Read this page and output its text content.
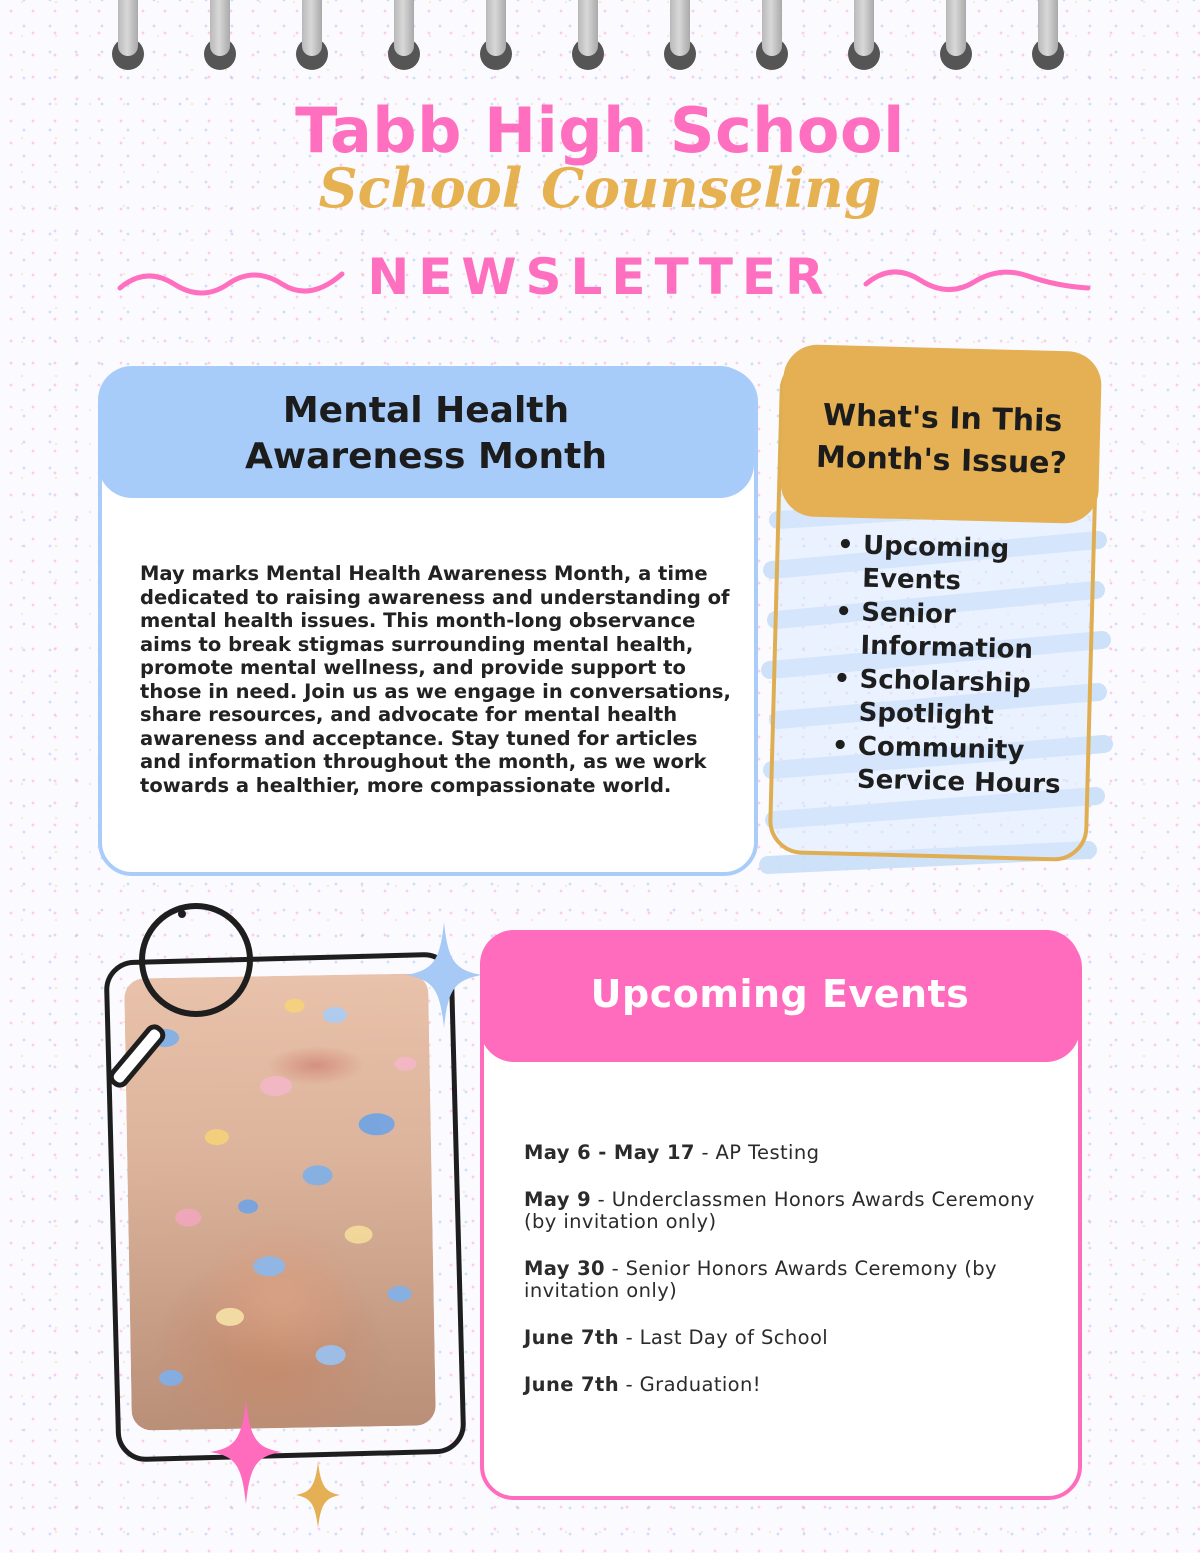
Tabb High School
School Counseling
NEWSLETTER
Mental Health
Awareness Month
May marks Mental Health Awareness Month, a time dedicated to raising awareness and understanding of mental health issues. This month-long observance aims to break stigmas surrounding mental health, promote mental wellness, and provide support to those in need. Join us as we engage in conversations, share resources, and advocate for mental health awareness and acceptance. Stay tuned for articles and information throughout the month, as we work towards a healthier, more compassionate world.
What's In This
Month's Issue?
• Upcoming Events
• Senior Information
• Scholarship Spotlight
• Community Service Hours
Upcoming Events
May 6 - May 17 - AP Testing
May 9 - Underclassmen Honors Awards Ceremony (by invitation only)
May 30 - Senior Honors Awards Ceremony (by invitation only)
June 7th - Last Day of School
June 7th - Graduation!
